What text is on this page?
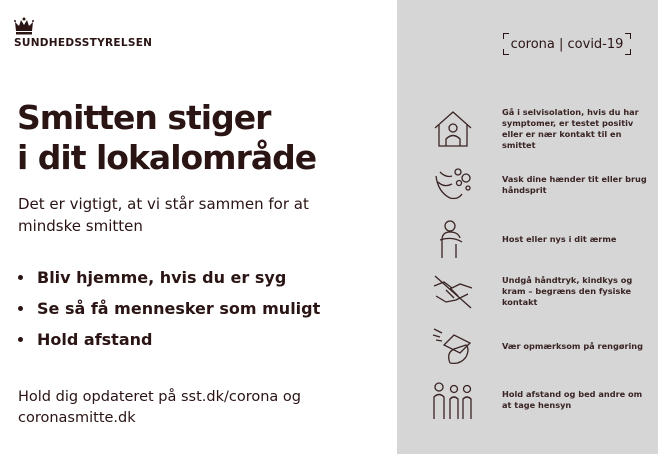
SUNDHEDSSTYRELSEN
Smitten stiger
i dit lokalområde

Det er vigtigt, at vi står sammen for at mindske smitten

Bliv hjemme, hvis du er syg
Se så få mennesker som muligt
Hold afstand

Hold dig opdateret på sst.dk/corona og coronasmitte.dk

corona | covid-19
Gå i selvisolation, hvis du har symptomer, er testet positiv eller er nær kontakt til en smittet
Vask dine hænder tit eller brug håndsprit
Host eller nys i dit ærme
Undgå håndtryk, kindkys og kram – begræns den fysiske kontakt
Vær opmærksom på rengøring
Hold afstand og bed andre om at tage hensyn
